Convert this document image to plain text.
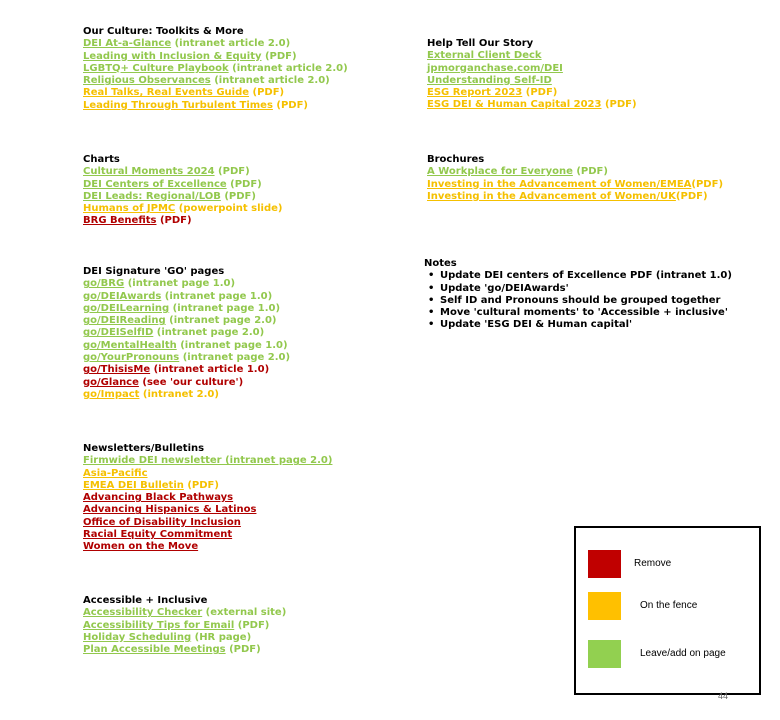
Our Culture: Toolkits & More
DEI At-a-Glance (intranet article 2.0)
Leading with Inclusion & Equity (PDF)
LGBTQ+ Culture Playbook (intranet article 2.0)
Religious Observances (intranet article 2.0)
Real Talks, Real Events Guide (PDF)
Leading Through Turbulent Times (PDF)
Help Tell Our Story
External Client Deck
jpmorganchase.com/DEI
Understanding Self-ID
ESG Report 2023 (PDF)
ESG DEI & Human Capital 2023 (PDF)
Charts
Cultural Moments 2024 (PDF)
DEI Centers of Excellence (PDF)
DEI Leads: Regional/LOB (PDF)
Humans of JPMC (powerpoint slide)
BRG Benefits (PDF)
Brochures
A Workplace for Everyone (PDF)
Investing in the Advancement of Women/EMEA(PDF)
Investing in the Advancement of Women/UK(PDF)
DEI Signature 'GO' pages
go/BRG (intranet page 1.0)
go/DEIAwards (intranet page 1.0)
go/DEILearning (intranet page 1.0)
go/DEIReading (intranet page 2.0)
go/DEISelfID (intranet page 2.0)
go/MentalHealth (intranet page 1.0)
go/YourPronouns (intranet page 2.0)
go/ThisisMe (intranet article 1.0)
go/Glance (see 'our culture')
go/Impact (intranet 2.0)
Notes
• Update DEI centers of Excellence PDF (intranet 1.0)
• Update 'go/DEIAwards'
• Self ID and Pronouns should be grouped together
• Move 'cultural moments' to 'Accessible + inclusive'
• Update 'ESG DEI & Human capital'
Newsletters/Bulletins
Firmwide DEI newsletter (intranet page 2.0)
Asia-Pacific
EMEA DEI Bulletin (PDF)
Advancing Black Pathways
Advancing Hispanics & Latinos
Office of Disability Inclusion
Racial Equity Commitment
Women on the Move
Accessible + Inclusive
Accessibility Checker (external site)
Accessibility Tips for Email (PDF)
Holiday Scheduling (HR page)
Plan Accessible Meetings (PDF)
Remove
On the fence
Leave/add on page
44
